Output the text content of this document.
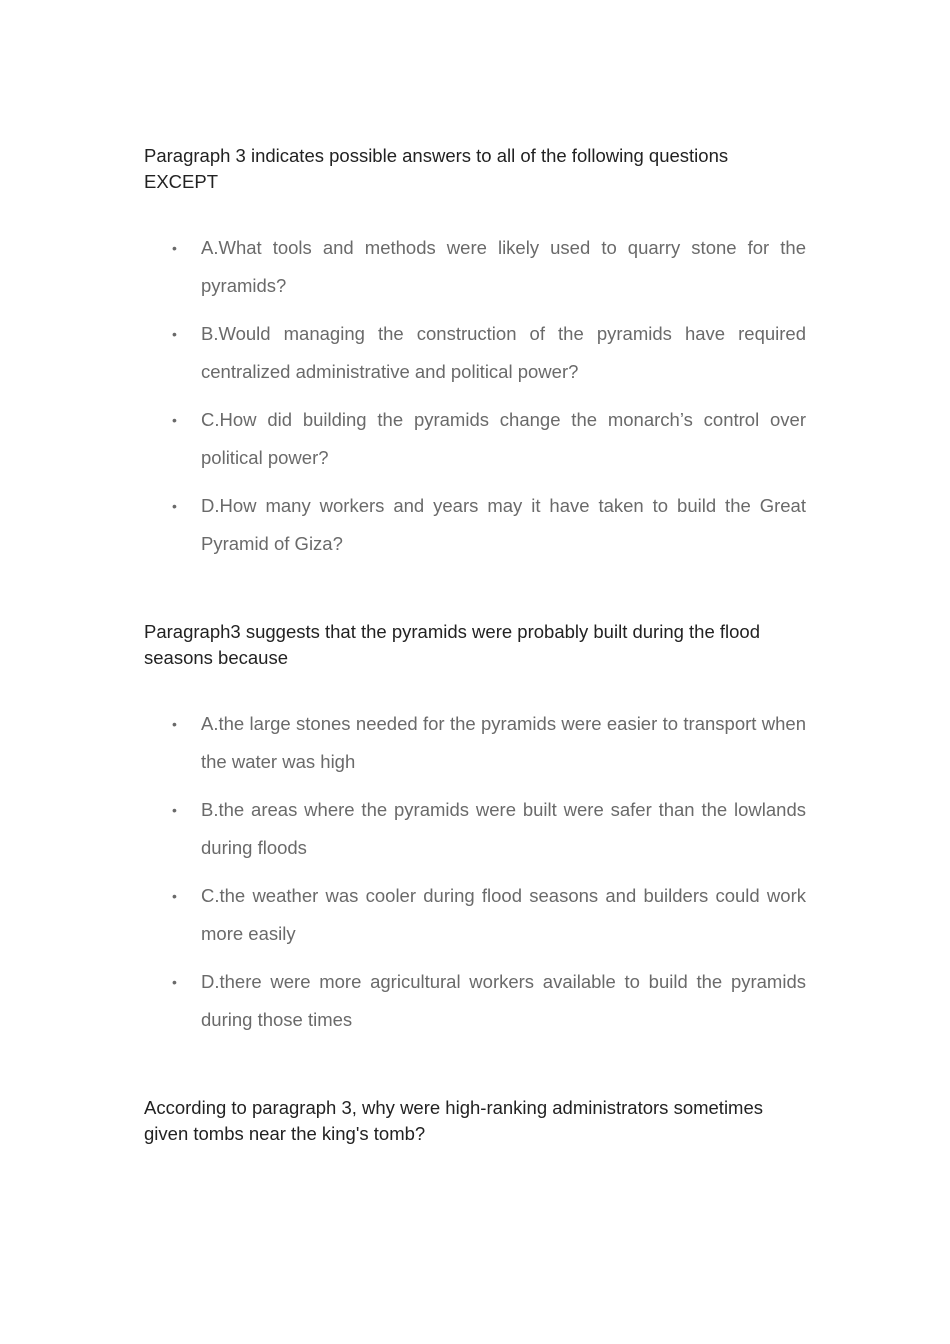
Paragraph 3 indicates possible answers to all of the following questions EXCEPT

• A.What tools and methods were likely used to quarry stone for the pyramids?
• B.Would managing the construction of the pyramids have required centralized administrative and political power?
• C.How did building the pyramids change the monarch’s control over political power?
• D.How many workers and years may it have taken to build the Great Pyramid of Giza?

Paragraph3 suggests that the pyramids were probably built during the flood seasons because

• A.the large stones needed for the pyramids were easier to transport when the water was high
• B.the areas where the pyramids were built were safer than the lowlands during floods
• C.the weather was cooler during flood seasons and builders could work more easily
• D.there were more agricultural workers available to build the pyramids during those times

According to paragraph 3, why were high-ranking administrators sometimes given tombs near the king's tomb?
